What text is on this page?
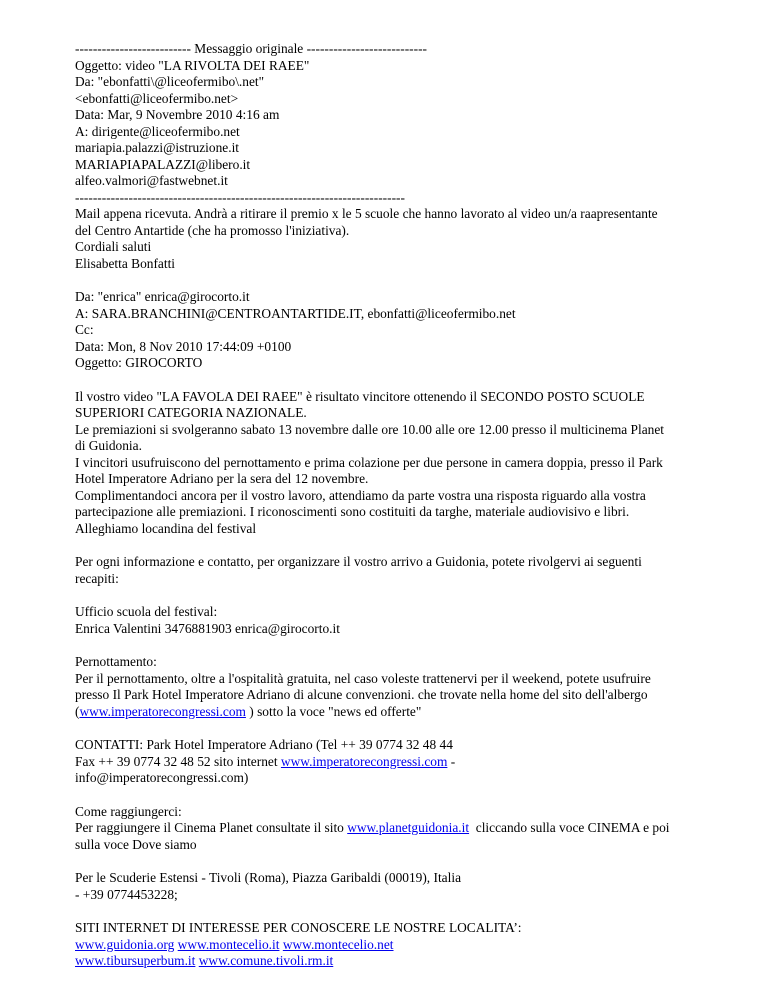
-------------------------- Messaggio originale ---------------------------
Oggetto: video "LA RIVOLTA DEI RAEE"
Da: "ebonfatti\@liceofermibo\.net"
<ebonfatti@liceofermibo.net>
Data: Mar, 9 Novembre 2010 4:16 am
A: dirigente@liceofermibo.net
mariapia.palazzi@istruzione.it
MARIAPIAPALAZZI@libero.it
alfeo.valmori@fastwebnet.it
--------------------------------------------------------------------------
Mail appena ricevuta. Andrà a ritirare il premio x le 5 scuole che hanno lavorato al video un/a raapresentante
del Centro Antartide (che ha promosso l'iniziativa).
Cordiali saluti
Elisabetta Bonfatti
Da: "enrica" enrica@girocorto.it
A: SARA.BRANCHINI@CENTROANTARTIDE.IT, ebonfatti@liceofermibo.net
Cc:
Data: Mon, 8 Nov 2010 17:44:09 +0100
Oggetto: GIROCORTO
Il vostro video "LA FAVOLA DEI RAEE" è risultato vincitore ottenendo il SECONDO POSTO SCUOLE
SUPERIORI CATEGORIA NAZIONALE.
Le premiazioni si svolgeranno sabato 13 novembre dalle ore 10.00 alle ore 12.00 presso il multicinema Planet
di Guidonia.
I vincitori usufruiscono del pernottamento e prima colazione per due persone in camera doppia, presso il Park
Hotel Imperatore Adriano per la sera del 12 novembre.
Complimentandoci ancora per il vostro lavoro, attendiamo da parte vostra una risposta riguardo alla vostra
partecipazione alle premiazioni. I riconoscimenti sono costituiti da targhe, materiale audiovisivo e libri.
Alleghiamo locandina del festival
Per ogni informazione e contatto, per organizzare il vostro arrivo a Guidonia, potete rivolgervi ai seguenti
recapiti:
Ufficio scuola del festival:
Enrica Valentini 3476881903 enrica@girocorto.it
Pernottamento:
Per il pernottamento, oltre a l'ospitalità gratuita, nel caso voleste trattenervi per il weekend, potete usufruire
presso Il Park Hotel Imperatore Adriano di alcune convenzioni. che trovate nella home del sito dell'albergo
(www.imperatorecongressi.com ) sotto la voce "news ed offerte"
CONTATTI: Park Hotel Imperatore Adriano (Tel ++ 39 0774 32 48 44
Fax ++ 39 0774 32 48 52 sito internet www.imperatorecongressi.com -
info@imperatorecongressi.com)
Come raggiungerci:
Per raggiungere il Cinema Planet consultate il sito www.planetguidonia.it  cliccando sulla voce CINEMA e poi
sulla voce Dove siamo
Per le Scuderie Estensi - Tivoli (Roma), Piazza Garibaldi (00019), Italia
- +39 0774453228;
SITI INTERNET DI INTERESSE PER CONOSCERE LE NOSTRE LOCALITA’:
www.guidonia.org www.montecelio.it www.montecelio.net
www.tibursuperbum.it www.comune.tivoli.rm.it
